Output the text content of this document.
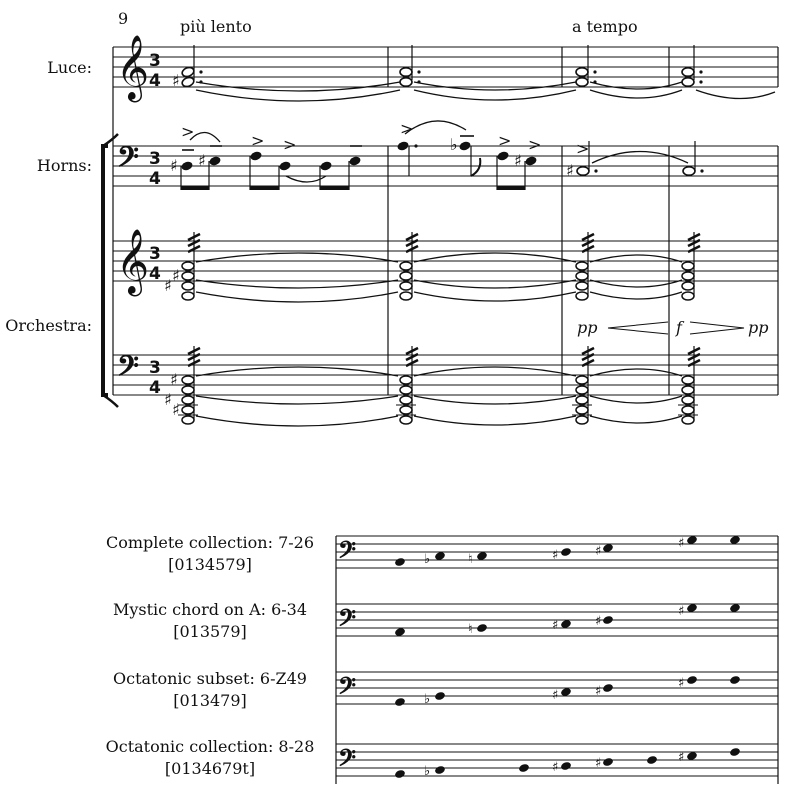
9	più lento	a tempo
Luce:
Horns:
Orchestra:
𝄞
𝄞
𝄢
𝄢
3
4
3
4
3
4
3
4
♯
♯ ♯
>	> >
>
♭
♯
> >
♯
>
♯
♯
pp	f	pp
♯
♯
♯
Complete collection: 7-26
[0134579]
Mystic chord on A: 6-34
[013579]
Octatonic subset: 6-Z49
[013479]
Octatonic collection: 8-28
[0134679t]
𝄢
𝄢
𝄢
𝄢
♭	♮	♯	♯
♯
♮	♯	♯
♯
♭	♯	♯
♯
♭	♯	♯	♯
